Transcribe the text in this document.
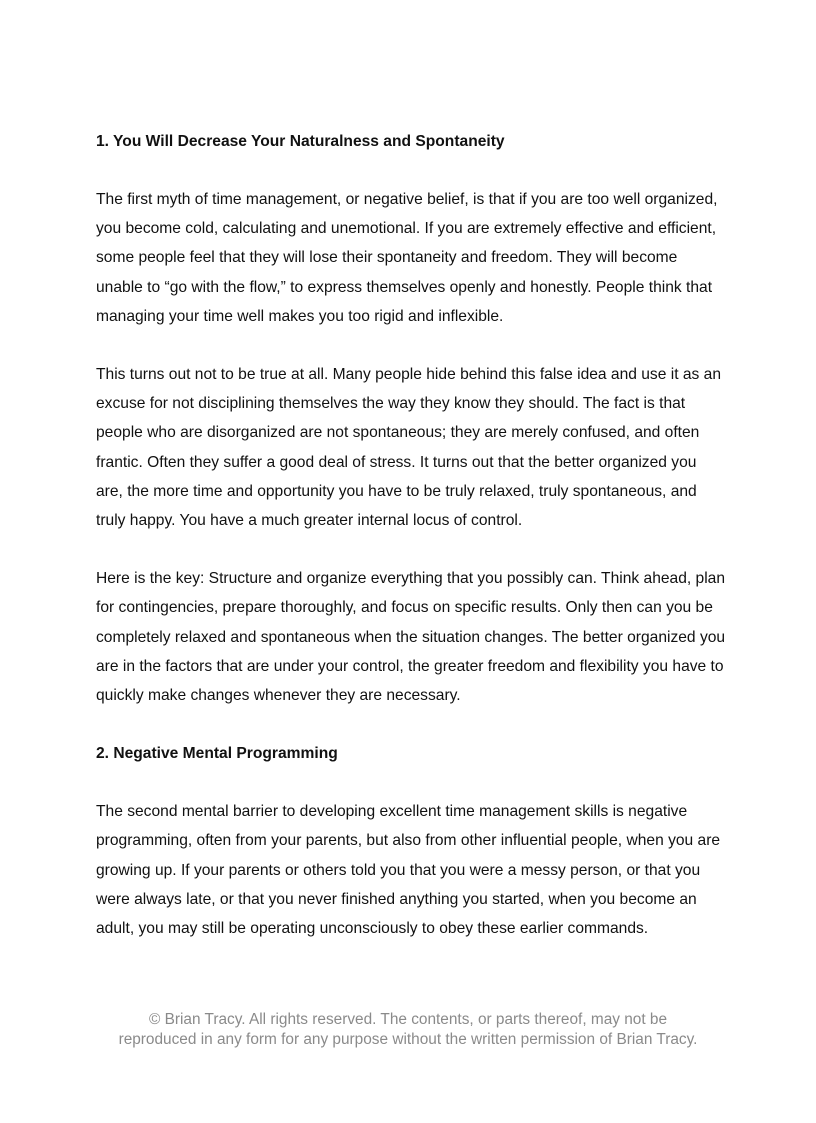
1. You Will Decrease Your Naturalness and Spontaneity

The first myth of time management, or negative belief, is that if you are too well organized, you become cold, calculating and unemotional. If you are extremely effective and efficient, some people feel that they will lose their spontaneity and freedom. They will become unable to “go with the flow,” to express themselves openly and honestly. People think that managing your time well makes you too rigid and inflexible.

This turns out not to be true at all. Many people hide behind this false idea and use it as an excuse for not disciplining themselves the way they know they should. The fact is that people who are disorganized are not spontaneous; they are merely confused, and often frantic. Often they suffer a good deal of stress. It turns out that the better organized you are, the more time and opportunity you have to be truly relaxed, truly spontaneous, and truly happy. You have a much greater internal locus of control.

Here is the key: Structure and organize everything that you possibly can. Think ahead, plan for contingencies, prepare thoroughly, and focus on specific results. Only then can you be completely relaxed and spontaneous when the situation changes. The better organized you are in the factors that are under your control, the greater freedom and flexibility you have to quickly make changes whenever they are necessary.

2. Negative Mental Programming

The second mental barrier to developing excellent time management skills is negative programming, often from your parents, but also from other influential people, when you are growing up. If your parents or others told you that you were a messy person, or that you were always late, or that you never finished anything you started, when you become an adult, you may still be operating unconsciously to obey these earlier commands.

© Brian Tracy. All rights reserved. The contents, or parts thereof, may not be
reproduced in any form for any purpose without the written permission of Brian Tracy.
